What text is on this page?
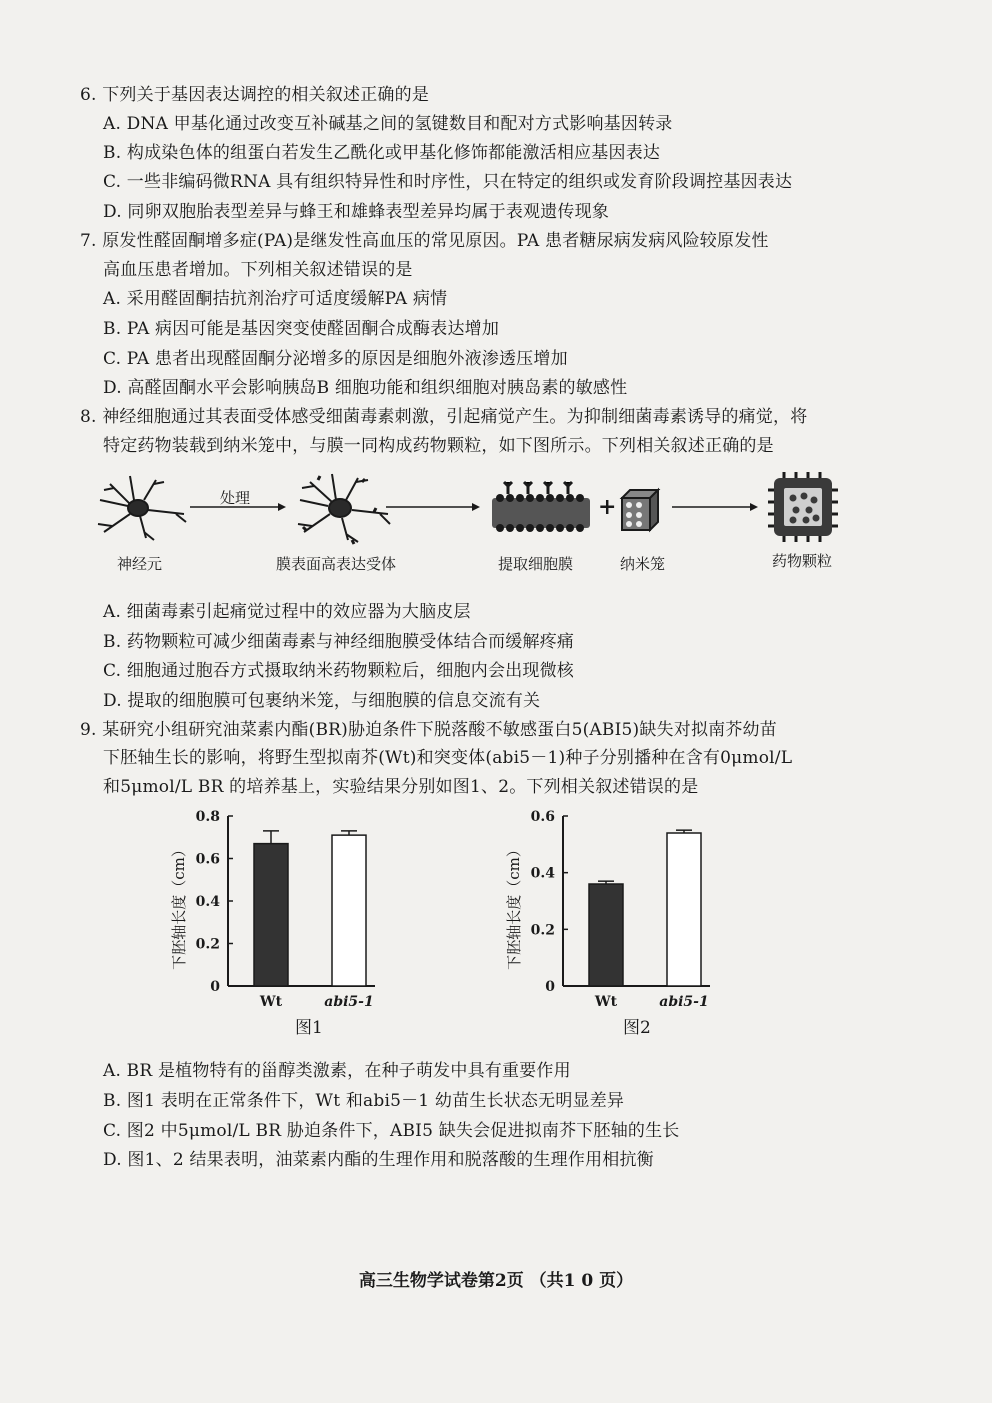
6. 下列关于基因表达调控的相关叙述正确的是
A. DNA 甲基化通过改变互补碱基之间的氢键数目和配对方式影响基因转录
B. 构成染色体的组蛋白若发生乙酰化或甲基化修饰都能激活相应基因表达
C. 一些非编码微RNA 具有组织特异性和时序性，只在特定的组织或发育阶段调控基因表达
D. 同卵双胞胎表型差异与蜂王和雄蜂表型差异均属于表观遗传现象
7. 原发性醛固酮增多症(PA)是继发性高血压的常见原因。PA 患者糖尿病发病风险较原发性
高血压患者增加。下列相关叙述错误的是
A. 采用醛固酮拮抗剂治疗可适度缓解PA 病情
B. PA 病因可能是基因突变使醛固酮合成酶表达增加
C. PA 患者出现醛固酮分泌增多的原因是细胞外液渗透压增加
D. 高醛固酮水平会影响胰岛B 细胞功能和组织细胞对胰岛素的敏感性
8. 神经细胞通过其表面受体感受细菌毒素刺激，引起痛觉产生。为抑制细菌毒素诱导的痛觉，将
特定药物装载到纳米笼中，与膜一同构成药物颗粒，如下图所示。下列相关叙述正确的是
+
处理
神经元	膜表面高表达受体	提取细胞膜	纳米笼	药物颗粒
A. 细菌毒素引起痛觉过程中的效应器为大脑皮层
B. 药物颗粒可减少细菌毒素与神经细胞膜受体结合而缓解疼痛
C. 细胞通过胞吞方式摄取纳米药物颗粒后，细胞内会出现微核
D. 提取的细胞膜可包裹纳米笼，与细胞膜的信息交流有关
9. 某研究小组研究油菜素内酯(BR)胁迫条件下脱落酸不敏感蛋白5(ABI5)缺失对拟南芥幼苗
下胚轴生长的影响，将野生型拟南芥(Wt)和突变体(abi5－1)种子分别播种在含有0μmol/L
和5μmol/L BR 的培养基上，实验结果分别如图1、2。下列相关叙述错误的是
下胚轴长度（cm）
0
0.2
0.4
0.6
0.8
Wt	abi5-1
图1
下胚轴长度（cm）
0
0.2
0.4
0.6
Wt	abi5-1
图2
A. BR 是植物特有的甾醇类激素，在种子萌发中具有重要作用
B. 图1 表明在正常条件下，Wt 和abi5－1 幼苗生长状态无明显差异
C. 图2 中5μmol/L BR 胁迫条件下，ABI5 缺失会促进拟南芥下胚轴的生长
D. 图1、2 结果表明，油菜素内酯的生理作用和脱落酸的生理作用相抗衡
高三生物学试卷第2页 （共1 0 页）
